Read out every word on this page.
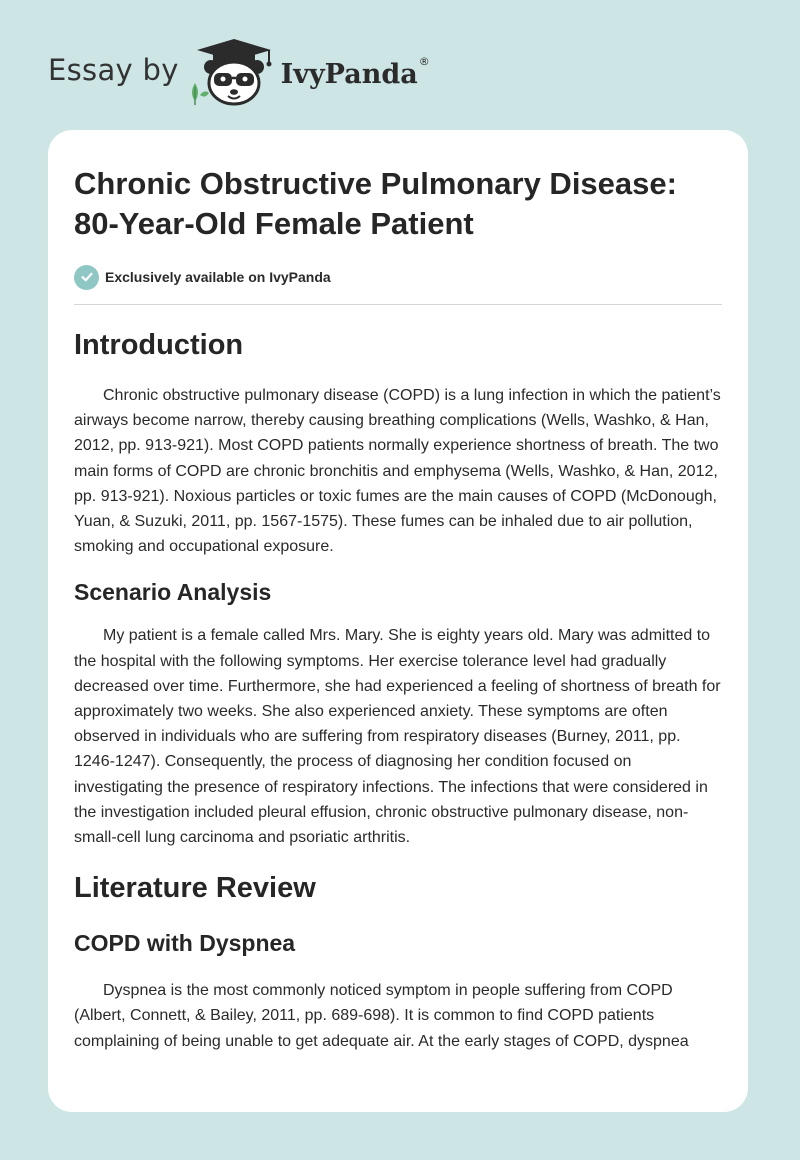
Essay by	IvyPanda ®
Chronic Obstructive Pulmonary Disease:
80-Year-Old Female Patient
Exclusively available on IvyPanda
Introduction

Chronic obstructive pulmonary disease (COPD) is a lung infection in which the patient’s airways become narrow, thereby causing breathing complications (Wells, Washko, & Han, 2012, pp. 913-921). Most COPD patients normally experience shortness of breath. The two main forms of COPD are chronic bronchitis and emphysema (Wells, Washko, & Han, 2012, pp. 913-921). Noxious particles or toxic fumes are the main causes of COPD (McDonough, Yuan, & Suzuki, 2011, pp. 1567-1575). These fumes can be inhaled due to air pollution, smoking and occupational exposure.

Scenario Analysis

My patient is a female called Mrs. Mary. She is eighty years old. Mary was admitted to the hospital with the following symptoms. Her exercise tolerance level had gradually decreased over time. Furthermore, she had experienced a feeling of shortness of breath for approximately two weeks. She also experienced anxiety. These symptoms are often observed in individuals who are suffering from respiratory diseases (Burney, 2011, pp. 1246-1247). Consequently, the process of diagnosing her condition focused on investigating the presence of respiratory infections. The infections that were considered in the investigation included pleural effusion, chronic obstructive pulmonary disease, non-small-cell lung carcinoma and psoriatic arthritis.

Literature Review
COPD with Dyspnea

Dyspnea is the most commonly noticed symptom in people suffering from COPD (Albert, Connett, & Bailey, 2011, pp. 689-698). It is common to find COPD patients complaining of being unable to get adequate air. At the early stages of COPD, dyspnea
